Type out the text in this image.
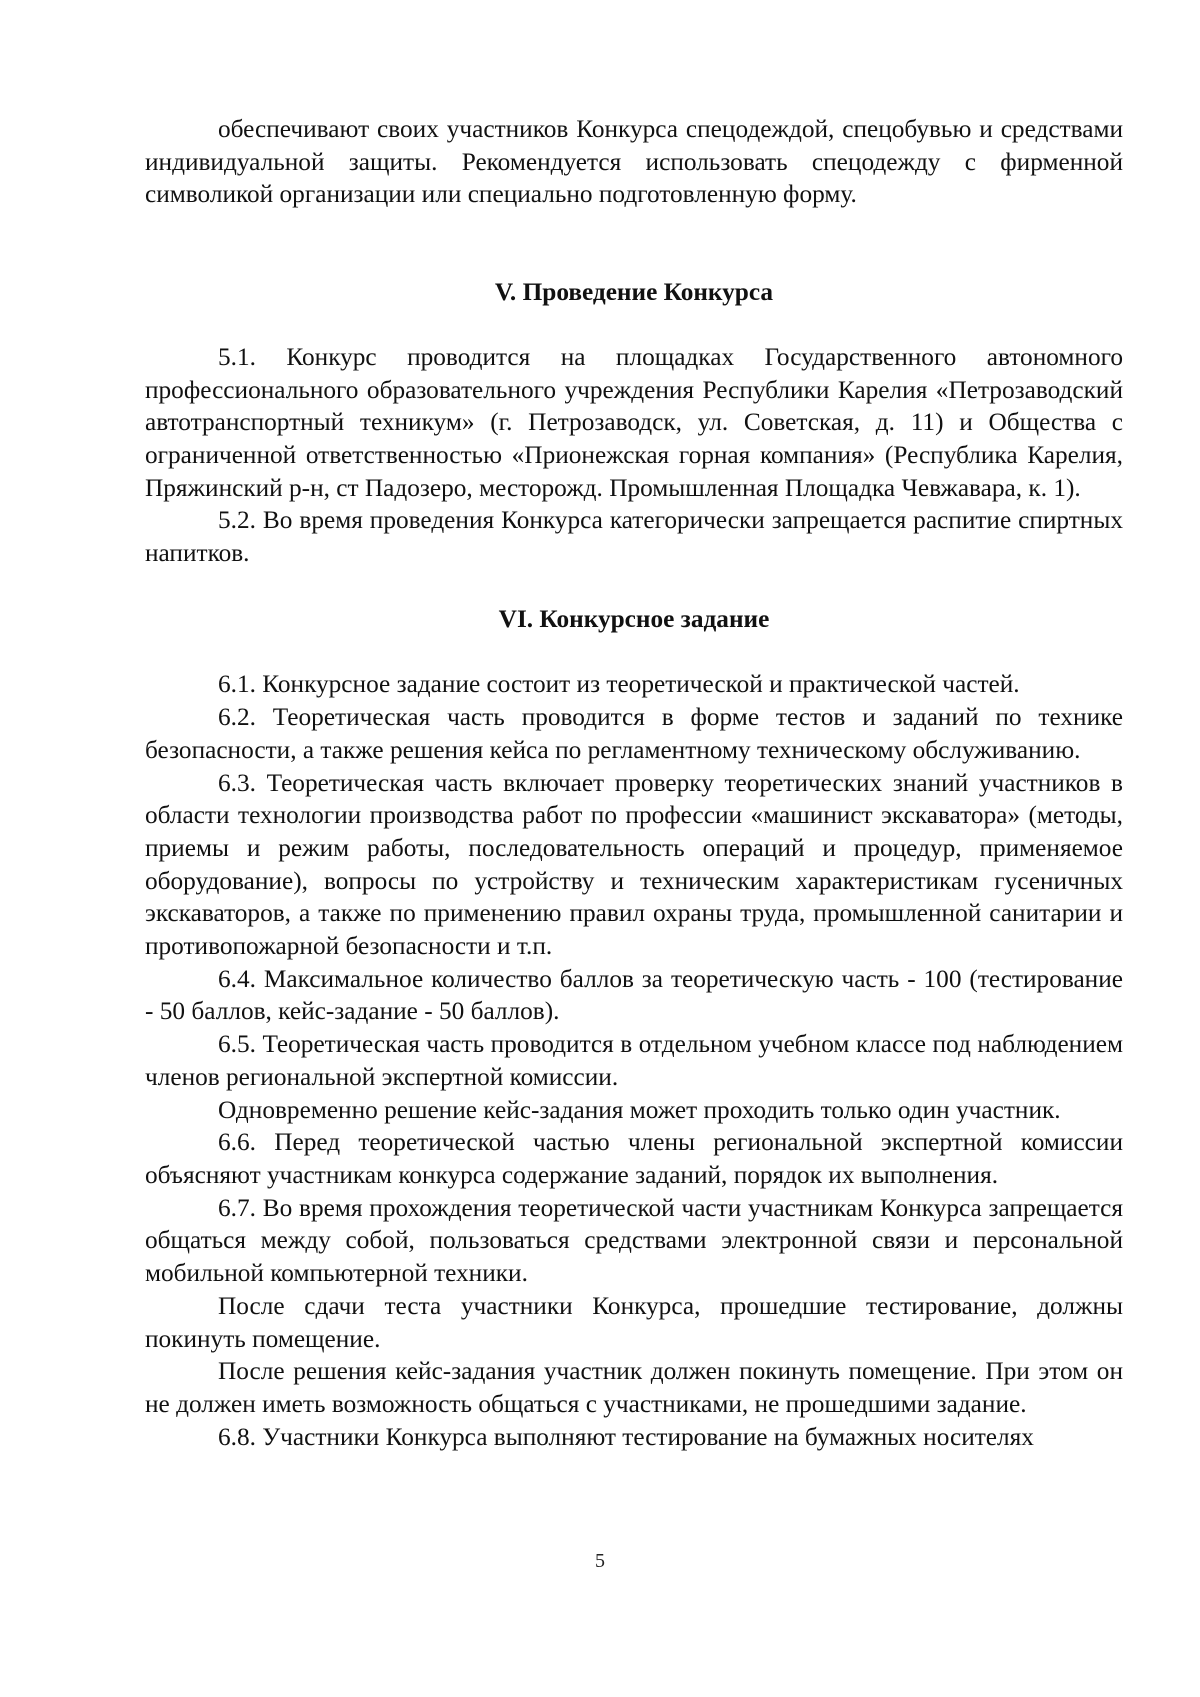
обеспечивают своих участников Конкурса спецодеждой, спецобувью и средствами индивидуальной защиты. Рекомендуется использовать спецодежду с фирменной символикой организации или специально подготовленную форму.

V. Проведение Конкурса

5.1. Конкурс проводится на площадках Государственного автономного профессионального образовательного учреждения Республики Карелия «Петрозаводский автотранспортный техникум» (г. Петрозаводск, ул. Советская, д. 11) и Общества с ограниченной ответственностью «Прионежская горная компания» (Республика Карелия, Пряжинский р-н, ст Падозеро, месторожд. Промышленная Площадка Чевжавара, к. 1).

5.2. Во время проведения Конкурса категорически запрещается распитие спиртных напитков.

VI. Конкурсное задание

6.1. Конкурсное задание состоит из теоретической и практической частей.

6.2. Теоретическая часть проводится в форме тестов и заданий по технике безопасности, а также решения кейса по регламентному техническому обслуживанию.

6.3. Теоретическая часть включает проверку теоретических знаний участников в области технологии производства работ по профессии «машинист экскаватора» (методы, приемы и режим работы, последовательность операций и процедур, применяемое оборудование), вопросы по устройству и техническим характеристикам гусеничных экскаваторов, а также по применению правил охраны труда, промышленной санитарии и противопожарной безопасности и т.п.

6.4. Максимальное количество баллов за теоретическую часть - 100 (тестирование - 50 баллов, кейс-задание - 50 баллов).

6.5. Теоретическая часть проводится в отдельном учебном классе под наблюдением членов региональной экспертной комиссии.

Одновременно решение кейс-задания может проходить только один участник.

6.6. Перед теоретической частью члены региональной экспертной комиссии объясняют участникам конкурса содержание заданий, порядок их выполнения.

6.7. Во время прохождения теоретической части участникам Конкурса запрещается общаться между собой, пользоваться средствами электронной связи и персональной мобильной компьютерной техники.

После сдачи теста участники Конкурса, прошедшие тестирование, должны покинуть помещение.

После решения кейс-задания участник должен покинуть помещение. При этом он не должен иметь возможность общаться с участниками, не прошедшими задание.

6.8. Участники Конкурса выполняют тестирование на бумажных носителях

5
